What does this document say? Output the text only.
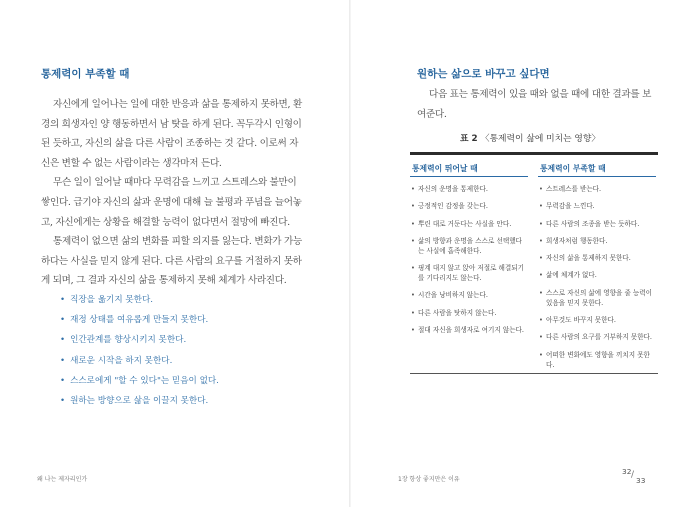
통제력이 부족할 때

자신에게 일어나는 일에 대한 반응과 삶을 통제하지 못하면, 환경의 희생자인 양 행동하면서 남 탓을 하게 된다. 꼭두각시 인형이 된 듯하고, 자신의 삶을 다른 사람이 조종하는 것 같다. 이로써 자신은 변할 수 없는 사람이라는 생각마저 든다.

무슨 일이 일어날 때마다 무력감을 느끼고 스트레스와 불만이 쌓인다. 급기야 자신의 삶과 운명에 대해 늘 불평과 푸념을 늘어놓고, 자신에게는 상황을 해결할 능력이 없다면서 절망에 빠진다.

통제력이 없으면 삶의 변화를 피할 의지를 잃는다. 변화가 가능하다는 사실을 믿지 않게 된다. 다른 사람의 요구를 거절하지 못하게 되며, 그 결과 자신의 삶을 통제하지 못해 체계가 사라진다.

• 직장을 옮기지 못한다.
• 재정 상태를 여유롭게 만들지 못한다.
• 인간관계를 향상시키지 못한다.
• 새로운 시작을 하지 못한다.
• 스스로에게 "할 수 있다"는 믿음이 없다.
• 원하는 방향으로 삶을 이끌지 못한다.
왜 나는 제자리인가
원하는 삶으로 바꾸고 싶다면

다음 표는 통제력이 있을 때와 없을 때에 대한 결과를 보여준다.

표 2 〈통제력이 삶에 미치는 영향〉
통제력이 뛰어날 때
• 자신의 운명을 통제한다.
• 긍정적인 감정을 갖는다.
• 뿌린 대로 거둔다는 사실을 안다.
• 삶의 방향과 운명을 스스로 선택했다는 사실에 흡족해한다.
• 핑계 대지 않고 앉아 저절로 해결되기를 기다리지도 않는다.
• 시간을 낭비하지 않는다.
• 다른 사람을 탓하지 않는다.
• 절대 자신을 희생자로 여기지 않는다.
통제력이 부족할 때
• 스트레스를 받는다.
• 무력감을 느낀다.
• 다른 사람의 조종을 받는 듯하다.
• 희생자처럼 행동한다.
• 자신의 삶을 통제하지 못한다.
• 삶에 체계가 없다.
• 스스로 자신의 삶에 영향을 줄 능력이 있음을 믿지 못한다.
• 아무것도 바꾸지 못한다.
• 다른 사람의 요구를 거부하지 못한다.
• 어떠한 변화에도 영향을 끼치지 못한다.
1장 항상 좋지만은 이유
32 /
33
